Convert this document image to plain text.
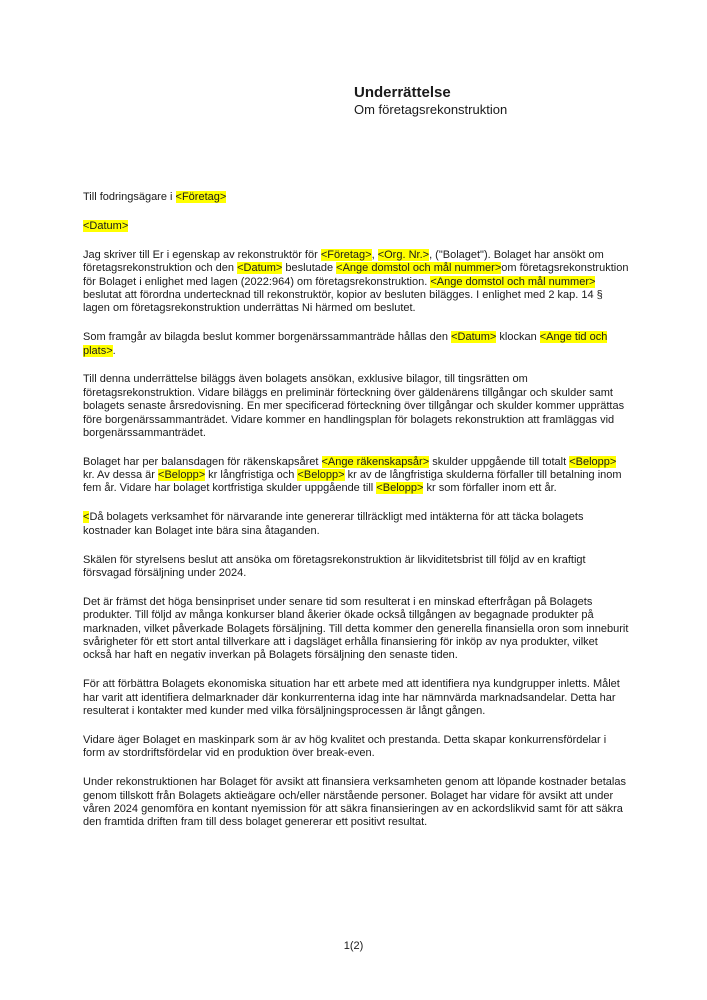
Underrättelse
Om företagsrekonstruktion

Till fodringsägare i <Företag>

<Datum>

Jag skriver till Er i egenskap av rekonstruktör för <Företag>, <Org. Nr.>, ("Bolaget"). Bolaget har ansökt om företagsrekonstruktion och den <Datum> beslutade <Ange domstol och mål nummer>om företagsrekonstruktion för Bolaget i enlighet med lagen (2022:964) om företagsrekonstruktion. <Ange domstol och mål nummer> beslutat att förordna undertecknad till rekonstruktör, kopior av besluten bilägges. I enlighet med 2 kap. 14 § lagen om företagsrekonstruktion underrättas Ni härmed om beslutet.

Som framgår av bilagda beslut kommer borgenärssammanträde hållas den <Datum> klockan <Ange tid och plats>.

Till denna underrättelse biläggs även bolagets ansökan, exklusive bilagor, till tingsrätten om företagsrekonstruktion. Vidare biläggs en preliminär förteckning över gäldenärens tillgångar och skulder samt bolagets senaste årsredovisning. En mer specificerad förteckning över tillgångar och skulder kommer upprättas före borgenärssammanträdet. Vidare kommer en handlingsplan för bolagets rekonstruktion att framläggas vid borgenärssammanträdet.

Bolaget har per balansdagen för räkenskapsåret <Ange räkenskapsår> skulder uppgående till totalt <Belopp> kr. Av dessa är <Belopp> kr långfristiga och <Belopp> kr av de långfristiga skulderna förfaller till betalning inom fem år. Vidare har bolaget kortfristiga skulder uppgående till <Belopp> kr som förfaller inom ett år.

<Då bolagets verksamhet för närvarande inte genererar tillräckligt med intäkterna för att täcka bolagets kostnader kan Bolaget inte bära sina åtaganden.

Skälen för styrelsens beslut att ansöka om företagsrekonstruktion är likviditetsbrist till följd av en kraftigt försvagad försäljning under 2024.

Det är främst det höga bensinpriset under senare tid som resulterat i en minskad efterfrågan på Bolagets produkter. Till följd av många konkurser bland åkerier ökade också tillgången av begagnade produkter på marknaden, vilket påverkade Bolagets försäljning. Till detta kommer den generella finansiella oron som inneburit svårigheter för ett stort antal tillverkare att i dagsläget erhålla finansiering för inköp av nya produkter, vilket också har haft en negativ inverkan på Bolagets försäljning den senaste tiden.

För att förbättra Bolagets ekonomiska situation har ett arbete med att identifiera nya kundgrupper inletts. Målet har varit att identifiera delmarknader där konkurrenterna idag inte har nämnvärda marknadsandelar. Detta har resulterat i kontakter med kunder med vilka försäljningsprocessen är långt gången.

Vidare äger Bolaget en maskinpark som är av hög kvalitet och prestanda. Detta skapar konkurrensfördelar i form av stordriftsfördelar vid en produktion över break-even.

Under rekonstruktionen har Bolaget för avsikt att finansiera verksamheten genom att löpande kostnader betalas genom tillskott från Bolagets aktieägare och/eller närstående personer. Bolaget har vidare för avsikt att under våren 2024 genomföra en kontant nyemission för att säkra finansieringen av en ackordslikvid samt för att säkra den framtida driften fram till dess bolaget genererar ett positivt resultat.

1(2)
